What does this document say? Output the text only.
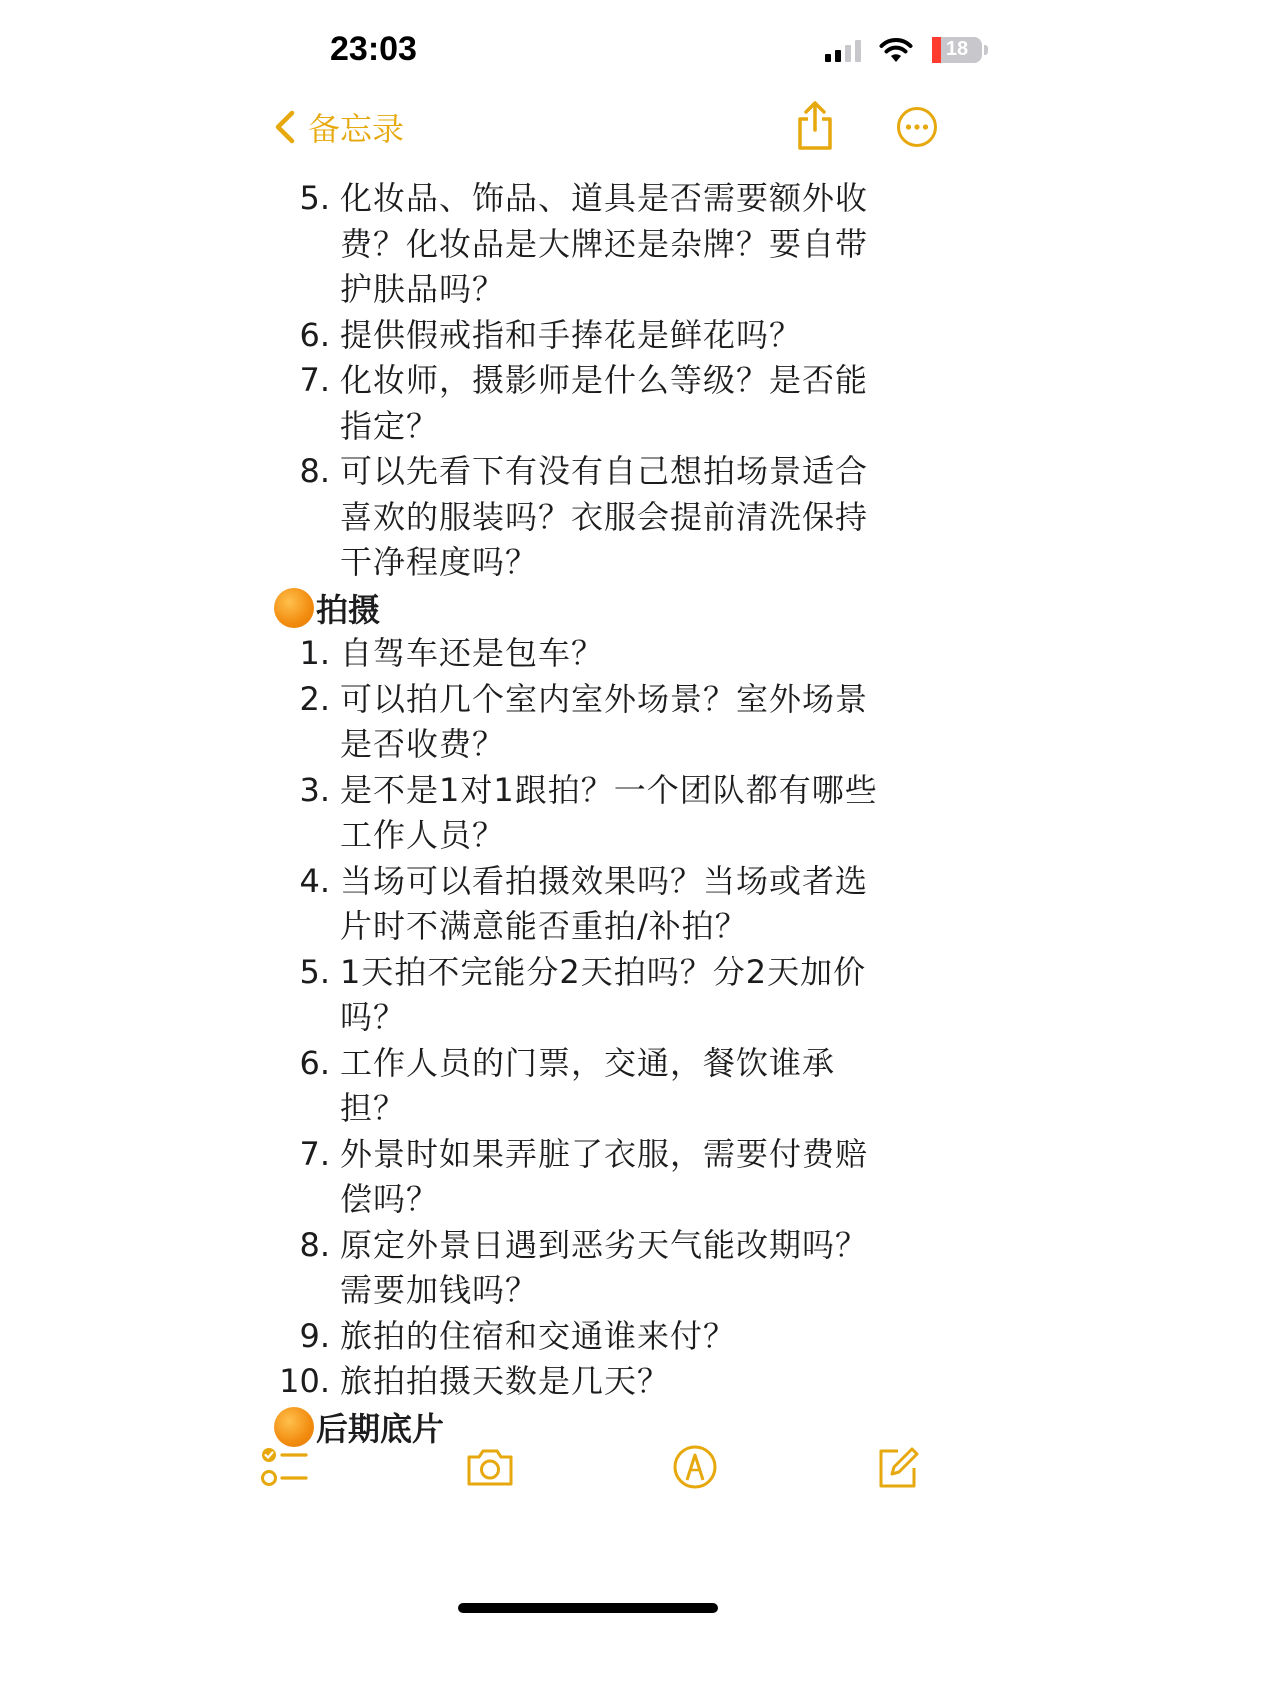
23:03	18
备忘录
5. 化妆品、饰品、道具是否需要额外收费？化妆品是大牌还是杂牌？要自带护肤品吗？
6. 提供假戒指和手捧花是鲜花吗？
7. 化妆师，摄影师是什么等级？是否能指定？
8. 可以先看下有没有自己想拍场景适合喜欢的服装吗？衣服会提前清洗保持干净程度吗？
拍摄
1. 自驾车还是包车？
2. 可以拍几个室内室外场景？室外场景是否收费？
3. 是不是1对1跟拍？一个团队都有哪些工作人员？
4. 当场可以看拍摄效果吗？当场或者选片时不满意能否重拍/补拍？
5. 1天拍不完能分2天拍吗？分2天加价吗？
6. 工作人员的门票，交通，餐饮谁承担？
7. 外景时如果弄脏了衣服，需要付费赔偿吗？
8. 原定外景日遇到恶劣天气能改期吗？需要加钱吗？
9. 旅拍的住宿和交通谁来付？
10. 旅拍拍摄天数是几天？
后期底片
